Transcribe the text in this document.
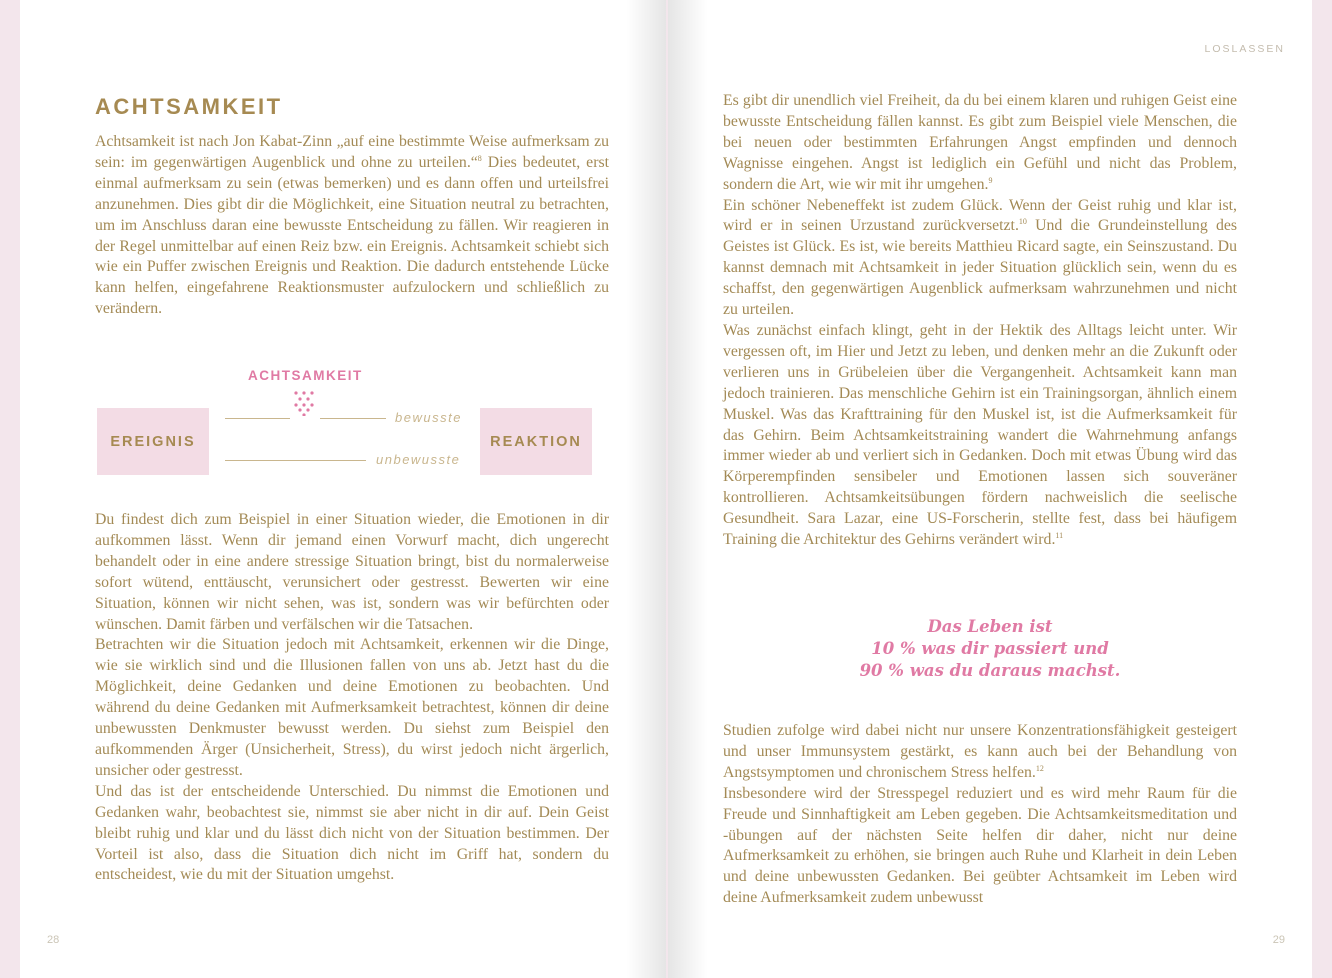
ACHTSAMKEIT

Achtsamkeit ist nach Jon Kabat-Zinn „auf eine bestimmte Weise aufmerksam zu sein: im gegenwärtigen Augenblick und ohne zu urteilen.“$^8$ Dies bedeutet, erst einmal aufmerksam zu sein (etwas bemerken) und es dann offen und urteilsfrei anzunehmen. Dies gibt dir die Möglichkeit, eine Situation neutral zu betrachten, um im Anschluss daran eine bewusste Entscheidung zu fällen. Wir reagieren in der Regel unmittelbar auf einen Reiz bzw. ein Ereignis. Achtsamkeit schiebt sich wie ein Puffer zwischen Ereignis und Reaktion. Die dadurch entstehende Lücke kann helfen, eingefahrene Reaktionsmuster aufzulockern und schließlich zu verändern.

ACHTSAMKEIT
EREIGNIS	REAKTION
bewusste
unbewusste

Du findest dich zum Beispiel in einer Situation wieder, die Emotionen in dir aufkommen lässt. Wenn dir jemand einen Vorwurf macht, dich ungerecht behandelt oder in eine andere stressige Situation bringt, bist du normalerweise sofort wütend, enttäuscht, verunsichert oder gestresst. Bewerten wir eine Situation, können wir nicht sehen, was ist, sondern was wir befürchten oder wünschen. Damit färben und verfälschen wir die Tatsachen.

Betrachten wir die Situation jedoch mit Achtsamkeit, erkennen wir die Dinge, wie sie wirklich sind und die Illusionen fallen von uns ab. Jetzt hast du die Möglichkeit, deine Gedanken und deine Emotionen zu beobachten. Und während du deine Gedanken mit Aufmerksamkeit betrachtest, können dir deine unbewussten Denkmuster bewusst werden. Du siehst zum Beispiel den aufkommenden Ärger (Unsicherheit, Stress), du wirst jedoch nicht ärgerlich, unsicher oder gestresst.

Und das ist der entscheidende Unterschied. Du nimmst die Emotionen und Gedanken wahr, beobachtest sie, nimmst sie aber nicht in dir auf. Dein Geist bleibt ruhig und klar und du lässt dich nicht von der Situation bestimmen. Der Vorteil ist also, dass die Situation dich nicht im Griff hat, sondern du entscheidest, wie du mit der Situation umgehst.

28
LOSLASSEN

Es gibt dir unendlich viel Freiheit, da du bei einem klaren und ruhigen Geist eine bewusste Entscheidung fällen kannst. Es gibt zum Beispiel viele Menschen, die bei neuen oder bestimmten Erfahrungen Angst empfinden und dennoch Wagnisse eingehen. Angst ist lediglich ein Gefühl und nicht das Problem, sondern die Art, wie wir mit ihr umgehen.$^9$

Ein schöner Nebeneffekt ist zudem Glück. Wenn der Geist ruhig und klar ist, wird er in seinen Urzustand zurückversetzt.$^{10}$ Und die Grundeinstellung des Geistes ist Glück. Es ist, wie bereits Matthieu Ricard sagte, ein Seinszustand. Du kannst demnach mit Achtsamkeit in jeder Situation glücklich sein, wenn du es schaffst, den gegenwärtigen Augenblick aufmerksam wahrzunehmen und nicht zu urteilen.

Was zunächst einfach klingt, geht in der Hektik des Alltags leicht unter. Wir vergessen oft, im Hier und Jetzt zu leben, und denken mehr an die Zukunft oder verlieren uns in Grübeleien über die Vergangenheit. Achtsamkeit kann man jedoch trainieren. Das menschliche Gehirn ist ein Trainingsorgan, ähnlich einem Muskel. Was das Krafttraining für den Muskel ist, ist die Aufmerksamkeit für das Gehirn. Beim Achtsamkeitstraining wandert die Wahrnehmung anfangs immer wieder ab und verliert sich in Gedanken. Doch mit etwas Übung wird das Körperempfinden sensibeler und Emotionen lassen sich souveräner kontrollieren. Achtsamkeitsübungen fördern nachweislich die seelische Gesundheit. Sara Lazar, eine US-Forscherin, stellte fest, dass bei häufigem Training die Architektur des Gehirns verändert wird.$^{11}$

Das Leben ist
10 % was dir passiert und
90 % was du daraus machst.

Studien zufolge wird dabei nicht nur unsere Konzentrationsfähigkeit gesteigert und unser Immunsystem gestärkt, es kann auch bei der Behandlung von Angstsymptomen und chronischem Stress helfen.$^{12}$

Insbesondere wird der Stresspegel reduziert und es wird mehr Raum für die Freude und Sinnhaftigkeit am Leben gegeben. Die Achtsamkeitsmeditation und -übungen auf der nächsten Seite helfen dir daher, nicht nur deine Aufmerksamkeit zu erhöhen, sie bringen auch Ruhe und Klarheit in dein Leben und deine unbewussten Gedanken. Bei geübter Achtsamkeit im Leben wird deine Aufmerksamkeit zudem unbewusst

29
